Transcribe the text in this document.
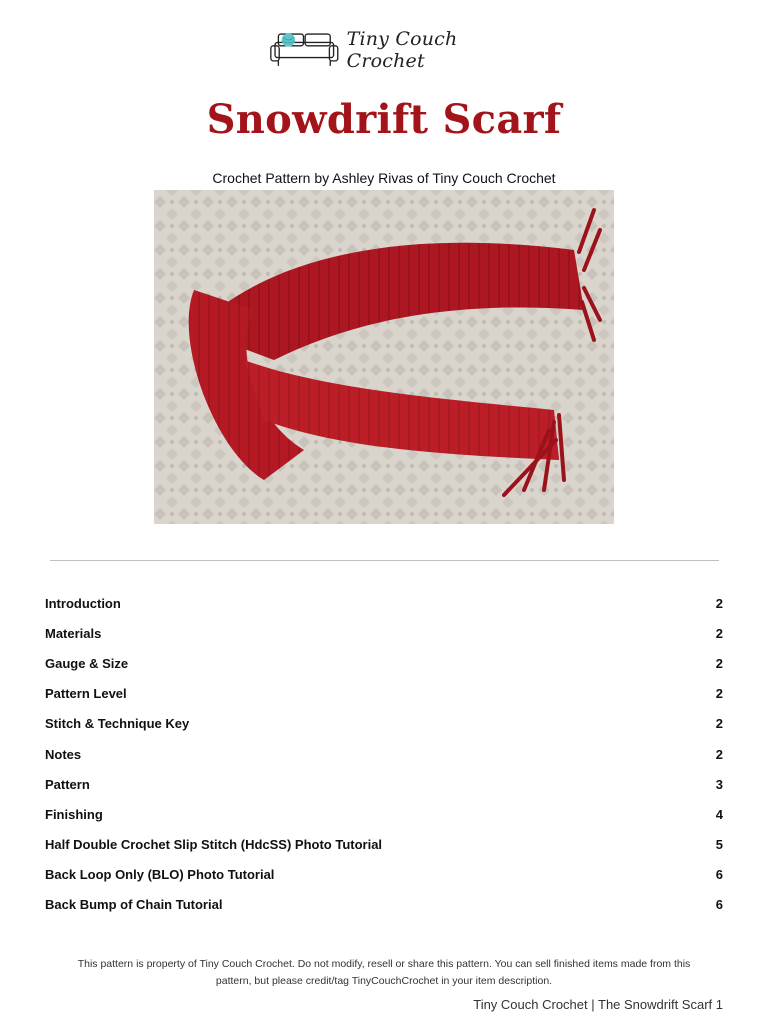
Tiny Couch Crochet
Snowdrift Scarf
Crochet Pattern by Ashley Rivas of Tiny Couch Crochet
Introduction	2
Materials	2
Gauge & Size	2
Pattern Level	2
Stitch & Technique Key	2
Notes	2
Pattern	3
Finishing	4
Half Double Crochet Slip Stitch (HdcSS) Photo Tutorial	5
Back Loop Only (BLO) Photo Tutorial	6
Back Bump of Chain Tutorial	6
This pattern is property of Tiny Couch Crochet. Do not modify, resell or share this pattern. You can sell finished items made from this
pattern, but please credit/tag TinyCouchCrochet in your item description.
Tiny Couch Crochet | The Snowdrift Scarf 1
